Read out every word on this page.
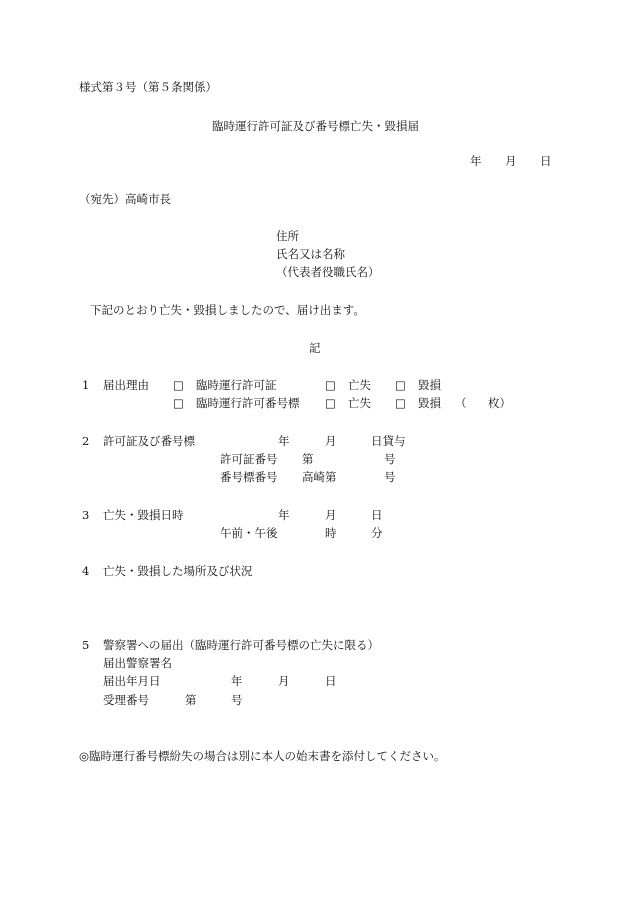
様式第３号（第５条関係）
臨時運行許可証及び番号標亡失・毀損届
年 月 日
（宛先）高崎市長
住所
氏名又は名称
（代表者役職氏名）
下記のとおり亡失・毀損しましたので、届け出ます。
記
1 届出理由 □ 臨時運行許可証	□ 亡失 □ 毀損
□ 臨時運行許可番号標 □ 亡失 □ 毀損 （ 枚）
2 許可証及び番号標	年	月	日貸与
許可証番号 第	号
番号標番号 高崎第	号
3 亡失・毀損日時	年	月	日
午前・午後	時	分
4 亡失・毀損した場所及び状況
5 警察署への届出（臨時運行許可番号標の亡失に限る）
届出警察署名
届出年月日	年	月	日
受理番号	第	号
◎臨時運行番号標紛失の場合は別に本人の始末書を添付してください。
